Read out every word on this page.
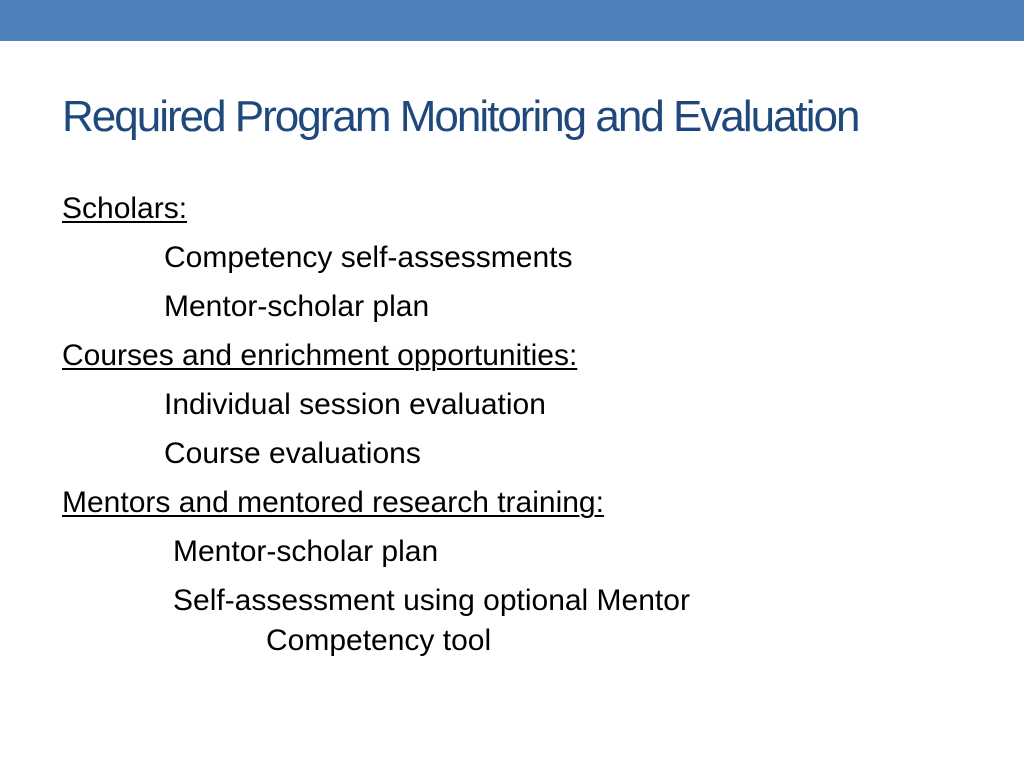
Required Program Monitoring and Evaluation
Scholars:
Competency self-assessments
Mentor-scholar plan
Courses and enrichment opportunities:
Individual session evaluation
Course evaluations
Mentors and mentored research training:
Mentor-scholar plan
Self-assessment using optional Mentor
Competency tool
